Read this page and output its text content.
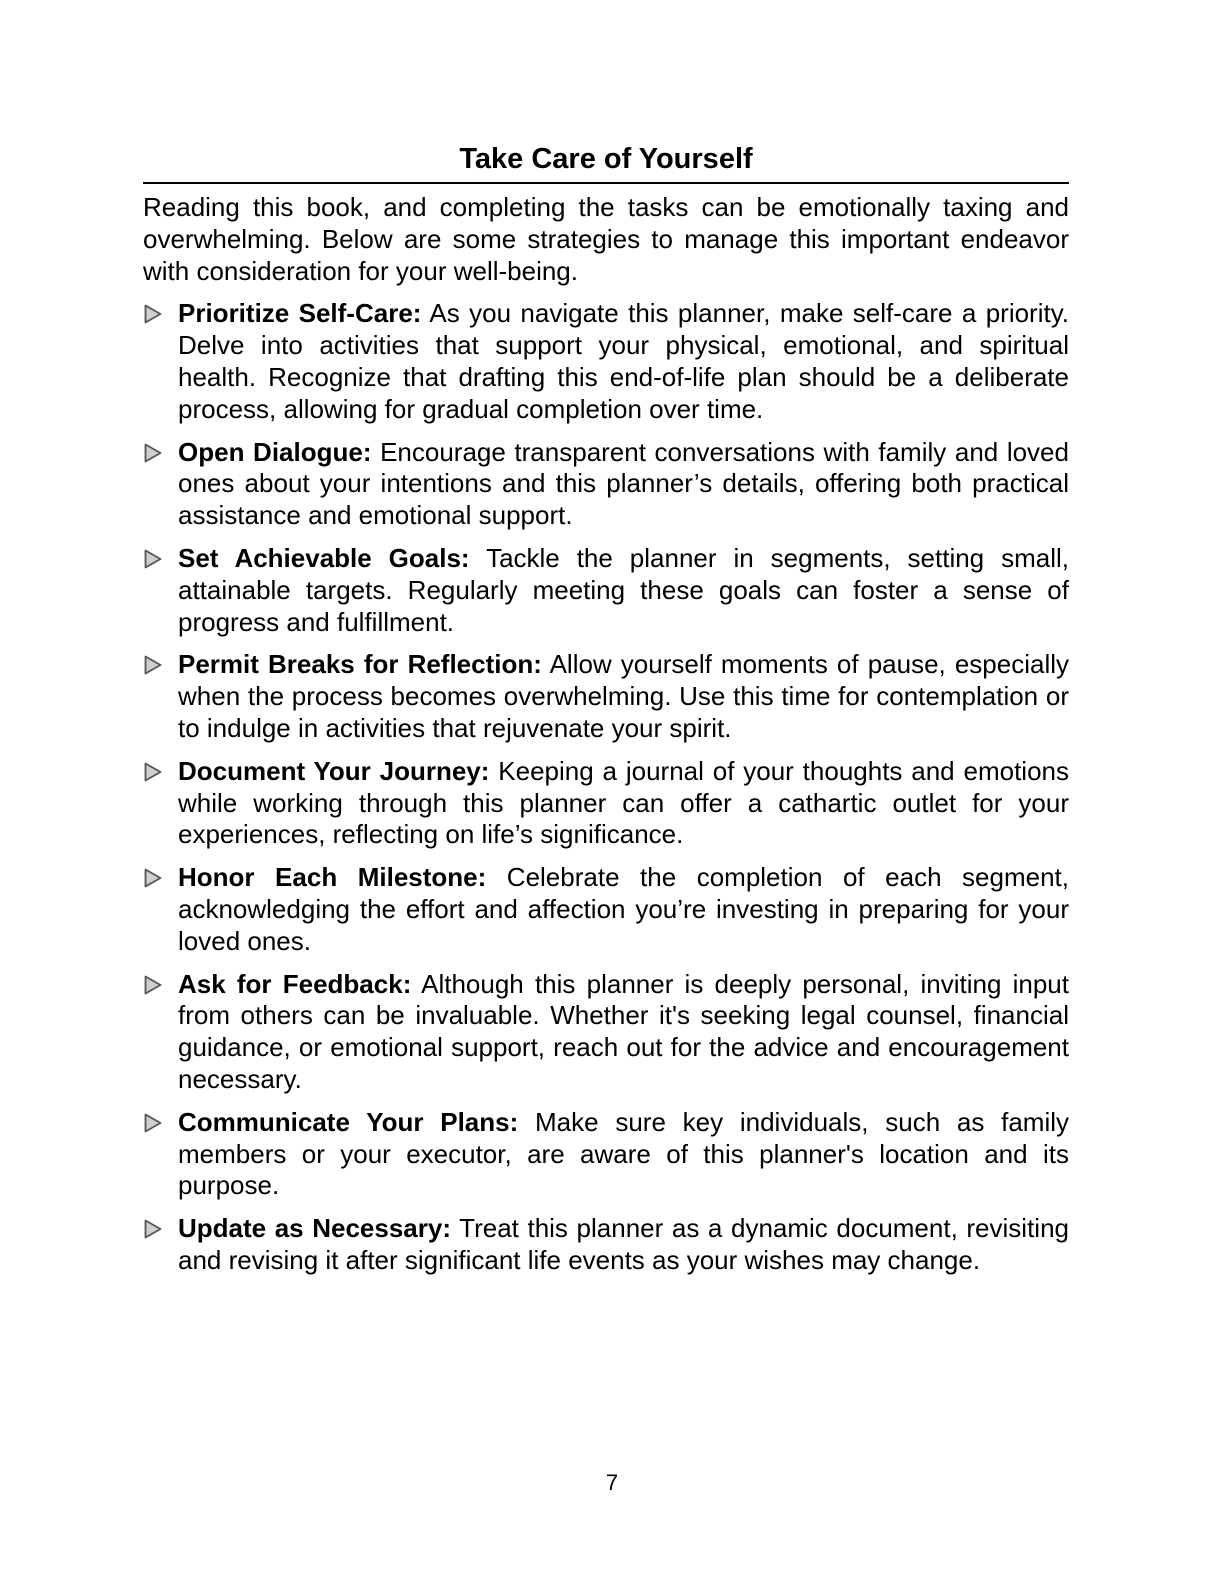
Take Care of Yourself

Reading this book, and completing the tasks can be emotionally taxing and overwhelming. Below are some strategies to manage this important endeavor with consideration for your well-being.

Prioritize Self-Care: As you navigate this planner, make self-care a priority. Delve into activities that support your physical, emotional, and spiritual health. Recognize that drafting this end-of-life plan should be a deliberate process, allowing for gradual completion over time.
Open Dialogue: Encourage transparent conversations with family and loved ones about your intentions and this planner’s details, offering both practical assistance and emotional support.
Set Achievable Goals: Tackle the planner in segments, setting small, attainable targets. Regularly meeting these goals can foster a sense of progress and fulfillment.
Permit Breaks for Reflection: Allow yourself moments of pause, especially when the process becomes overwhelming. Use this time for contemplation or to indulge in activities that rejuvenate your spirit.
Document Your Journey: Keeping a journal of your thoughts and emotions while working through this planner can offer a cathartic outlet for your experiences, reflecting on life’s significance.
Honor Each Milestone: Celebrate the completion of each segment, acknowledging the effort and affection you’re investing in preparing for your loved ones.
Ask for Feedback: Although this planner is deeply personal, inviting input from others can be invaluable. Whether it's seeking legal counsel, financial guidance, or emotional support, reach out for the advice and encouragement necessary.
Communicate Your Plans: Make sure key individuals, such as family members or your executor, are aware of this planner's location and its purpose.
Update as Necessary: Treat this planner as a dynamic document, revisiting and revising it after significant life events as your wishes may change.
7
